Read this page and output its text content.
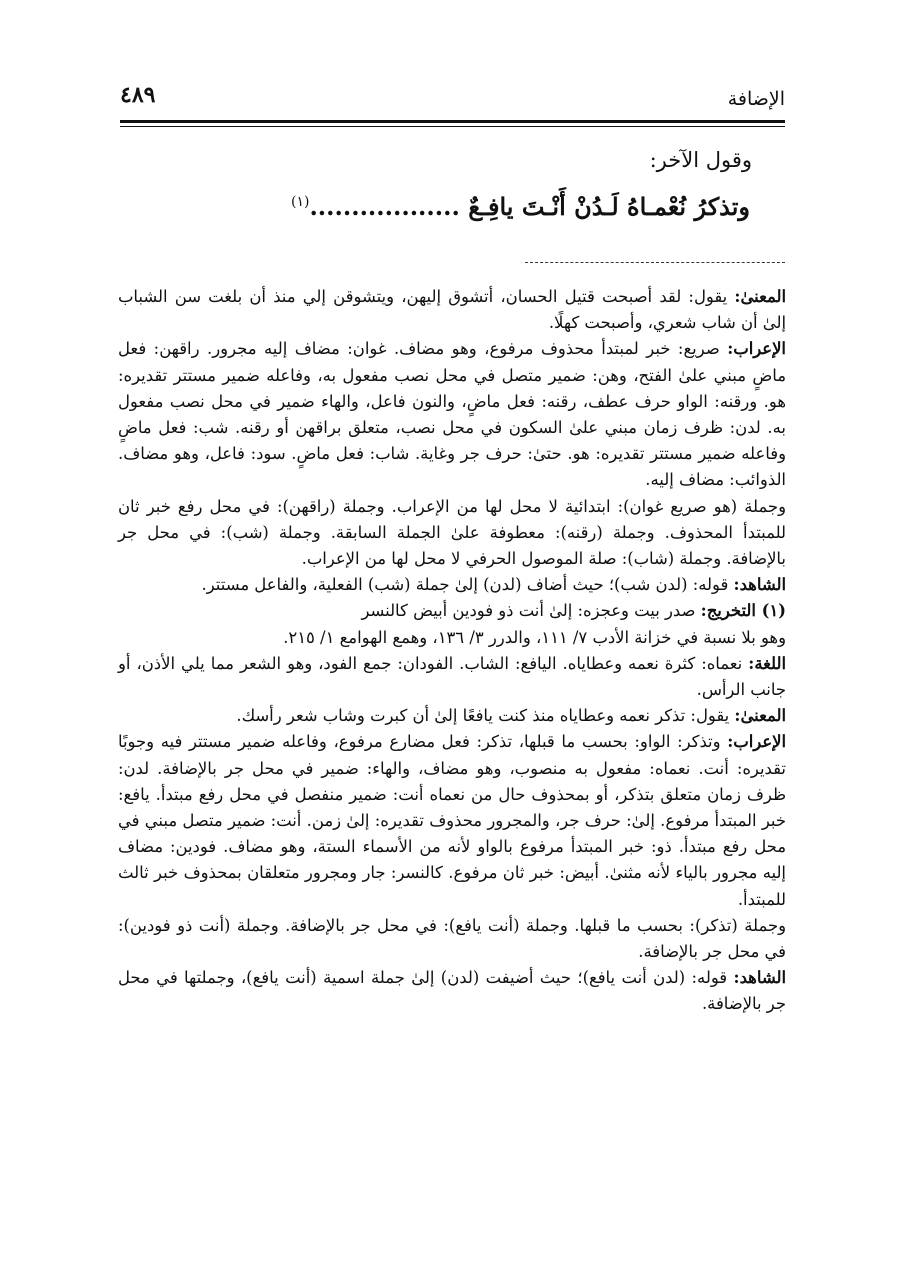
٤٨٩	الإضافة
وقول الآخر:
وتذكرُ نُعْمـاهُ لَـدُنْ أَنْـتَ يافِـعٌ ..................$^{(١)}$

المعنىٰ: يقول: لقد أصبحت قتيل الحسان، أتشوق إليهن، ويتشوقن إلي منذ أن بلغت سن الشباب إلىٰ أن شاب شعري، وأصبحت كهلًا.

الإعراب: صريع: خبر لمبتدأ محذوف مرفوع، وهو مضاف. غوان: مضاف إليه مجرور. راقهن: فعل ماضٍ مبني علىٰ الفتح، وهن: ضمير متصل في محل نصب مفعول به، وفاعله ضمير مستتر تقديره: هو. ورقنه: الواو حرف عطف، رقنه: فعل ماضٍ، والنون فاعل، والهاء ضمير في محل نصب مفعول به. لدن: ظرف زمان مبني علىٰ السكون في محل نصب، متعلق براقهن أو رقنه. شب: فعل ماضٍ وفاعله ضمير مستتر تقديره: هو. حتىٰ: حرف جر وغاية. شاب: فعل ماضٍ. سود: فاعل، وهو مضاف. الذوائب: مضاف إليه.

وجملة (هو صريع غوان): ابتدائية لا محل لها من الإعراب. وجملة (راقهن): في محل رفع خبر ثان للمبتدأ المحذوف. وجملة (رقنه): معطوفة علىٰ الجملة السابقة. وجملة (شب): في محل جر بالإضافة. وجملة (شاب): صلة الموصول الحرفي لا محل لها من الإعراب.

الشاهد: قوله: (لدن شب)؛ حيث أضاف (لدن) إلىٰ جملة (شب) الفعلية، والفاعل مستتر.

(١) التخريج: صدر بيت وعجزه: إلىٰ أنت ذو فودين أبيض كالنسر

وهو بلا نسبة في خزانة الأدب ٧/ ١١١، والدرر ٣/ ١٣٦، وهمع الهوامع ١/ ٢١٥.

اللغة: نعماه: كثرة نعمه وعطاياه. اليافع: الشاب. الفودان: جمع الفود، وهو الشعر مما يلي الأذن، أو جانب الرأس.

المعنىٰ: يقول: تذكر نعمه وعطاياه منذ كنت يافعًا إلىٰ أن كبرت وشاب شعر رأسك.

الإعراب: وتذكر: الواو: بحسب ما قبلها، تذكر: فعل مضارع مرفوع، وفاعله ضمير مستتر فيه وجوبًا تقديره: أنت. نعماه: مفعول به منصوب، وهو مضاف، والهاء: ضمير في محل جر بالإضافة. لدن: ظرف زمان متعلق بتذكر، أو بمحذوف حال من نعماه أنت: ضمير منفصل في محل رفع مبتدأ. يافع: خبر المبتدأ مرفوع. إلىٰ: حرف جر، والمجرور محذوف تقديره: إلىٰ زمن. أنت: ضمير متصل مبني في محل رفع مبتدأ. ذو: خبر المبتدأ مرفوع بالواو لأنه من الأسماء الستة، وهو مضاف. فودين: مضاف إليه مجرور بالياء لأنه مثنىٰ. أبيض: خبر ثان مرفوع. كالنسر: جار ومجرور متعلقان بمحذوف خبر ثالث للمبتدأ.

وجملة (تذكر): بحسب ما قبلها. وجملة (أنت يافع): في محل جر بالإضافة. وجملة (أنت ذو فودين): في محل جر بالإضافة.

الشاهد: قوله: (لدن أنت يافع)؛ حيث أضيفت (لدن) إلىٰ جملة اسمية (أنت يافع)، وجملتها في محل جر بالإضافة.
